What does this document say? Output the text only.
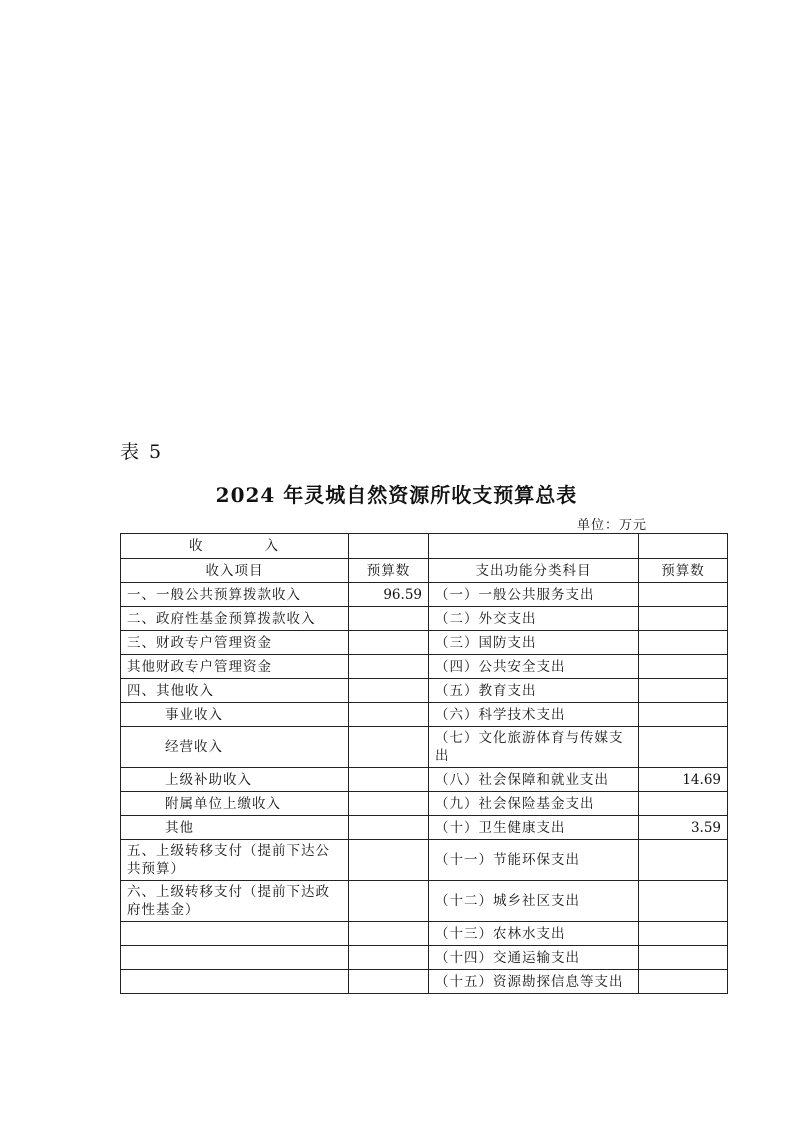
表 5
2024 年灵城自然资源所收支预算总表
单位：万元
收 入			
收入项目	预算数	支出功能分类科目	预算数
一、一般公共预算拨款收入	96.59	（一）一般公共服务支出	
二、政府性基金预算拨款收入		（二）外交支出	
三、财政专户管理资金		（三）国防支出	
其他财政专户管理资金		（四）公共安全支出	
四、其他收入		（五）教育支出	
事业收入		（六）科学技术支出	
经营收入		（七）文化旅游体育与传媒支出	
上级补助收入		（八）社会保障和就业支出	14.69
附属单位上缴收入		（九）社会保险基金支出	
其他		（十）卫生健康支出	3.59
五、上级转移支付（提前下达公共预算）		（十一）节能环保支出	
六、上级转移支付（提前下达政府性基金）		（十二）城乡社区支出	
		（十三）农林水支出	
		（十四）交通运输支出	
		（十五）资源勘探信息等支出	
